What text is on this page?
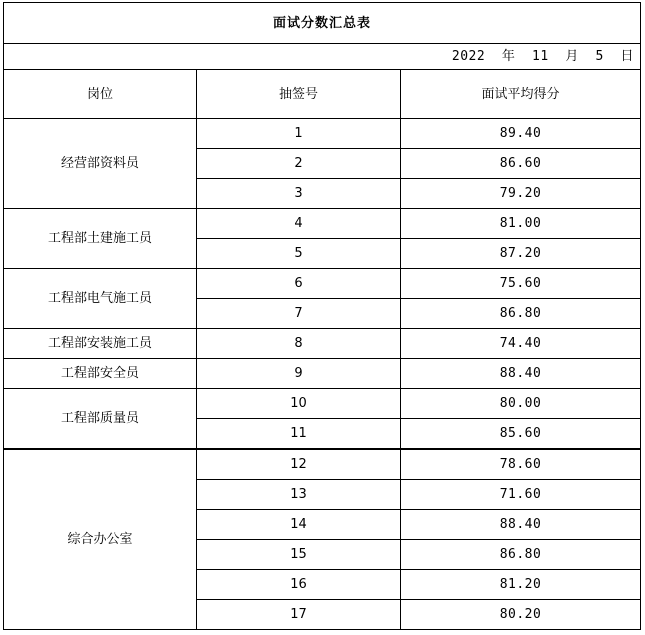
面试分数汇总表		
2022 年 11 月 5 日		
岗位	抽签号	面试平均得分
经营部资料员	1	89.40
	2	86.60
	3	79.20
工程部土建施工员	4	81.00
	5	87.20
工程部电气施工员	6	75.60
	7	86.80
工程部安装施工员	8	74.40
工程部安全员	9	88.40
工程部质量员	10	80.00
	11	85.60
综合办公室	12	78.60
	13	71.60
	14	88.40
	15	86.80
	16	81.20
	17	80.20
